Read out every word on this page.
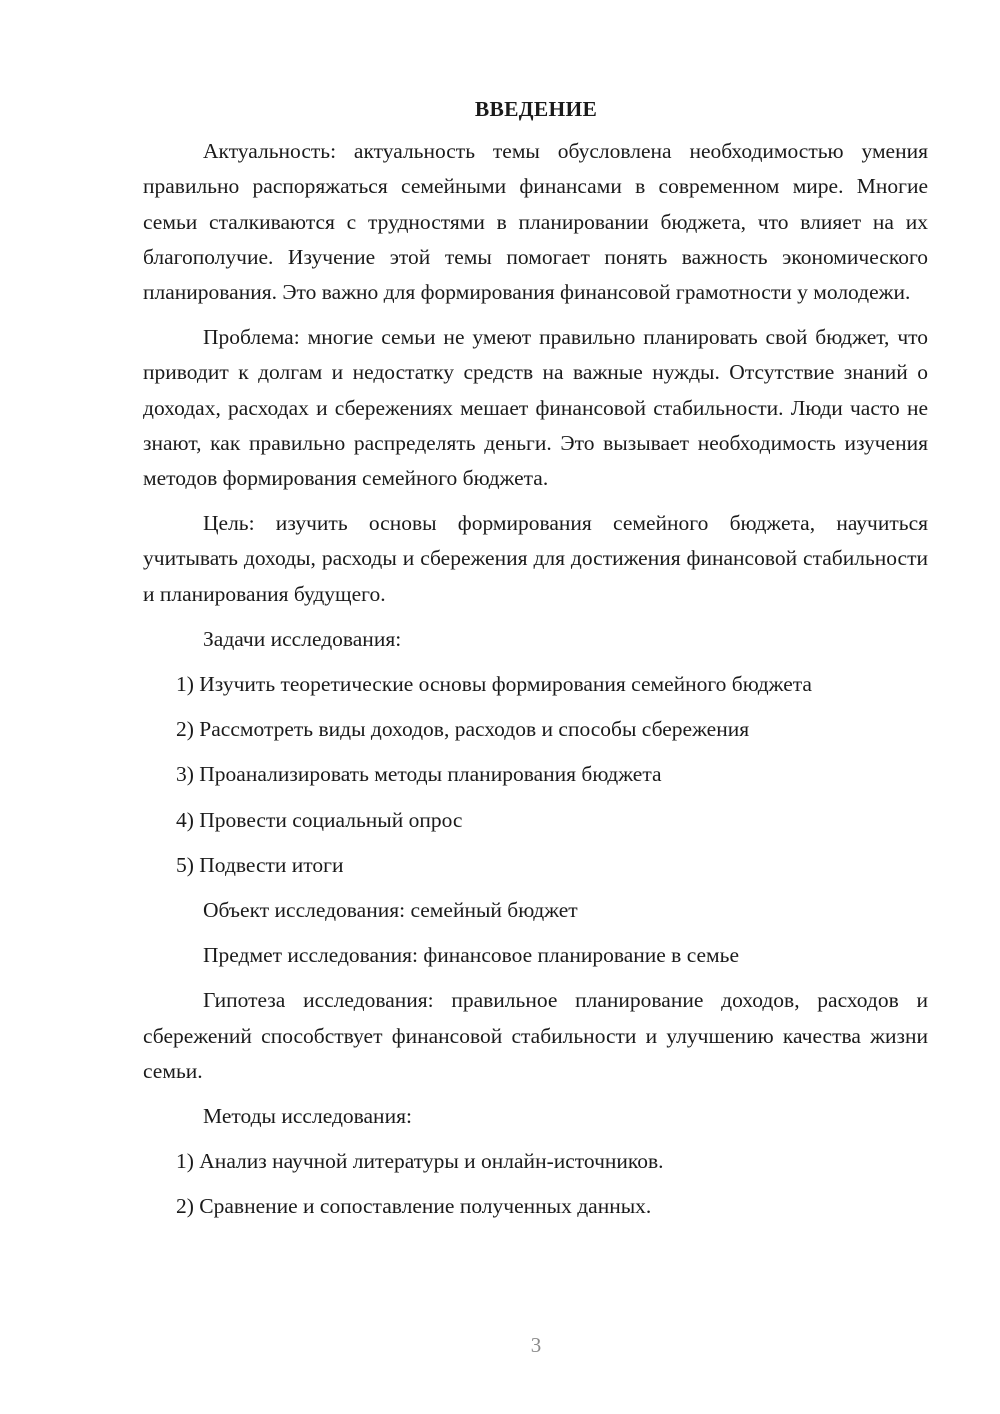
ВВЕДЕНИЕ

Актуальность: актуальность темы обусловлена необходимостью умения правильно распоряжаться семейными финансами в современном мире. Многие семьи сталкиваются с трудностями в планировании бюджета, что влияет на их благополучие. Изучение этой темы помогает понять важность экономического планирования. Это важно для формирования финансовой грамотности у молодежи.

Проблема: многие семьи не умеют правильно планировать свой бюджет, что приводит к долгам и недостатку средств на важные нужды. Отсутствие знаний о доходах, расходах и сбережениях мешает финансовой стабильности. Люди часто не знают, как правильно распределять деньги. Это вызывает необходимость изучения методов формирования семейного бюджета.

Цель: изучить основы формирования семейного бюджета, научиться учитывать доходы, расходы и сбережения для достижения финансовой стабильности и планирования будущего.

Задачи исследования:
1) Изучить теоретические основы формирования семейного бюджета
2) Рассмотреть виды доходов, расходов и способы сбережения
3) Проанализировать методы планирования бюджета
4) Провести социальный опрос
5) Подвести итоги
Объект исследования: семейный бюджет
Предмет исследования: финансовое планирование в семье

Гипотеза исследования: правильное планирование доходов, расходов и сбережений способствует финансовой стабильности и улучшению качества жизни семьи.

Методы исследования:
1) Анализ научной литературы и онлайн-источников.
2) Сравнение и сопоставление полученных данных.
3
